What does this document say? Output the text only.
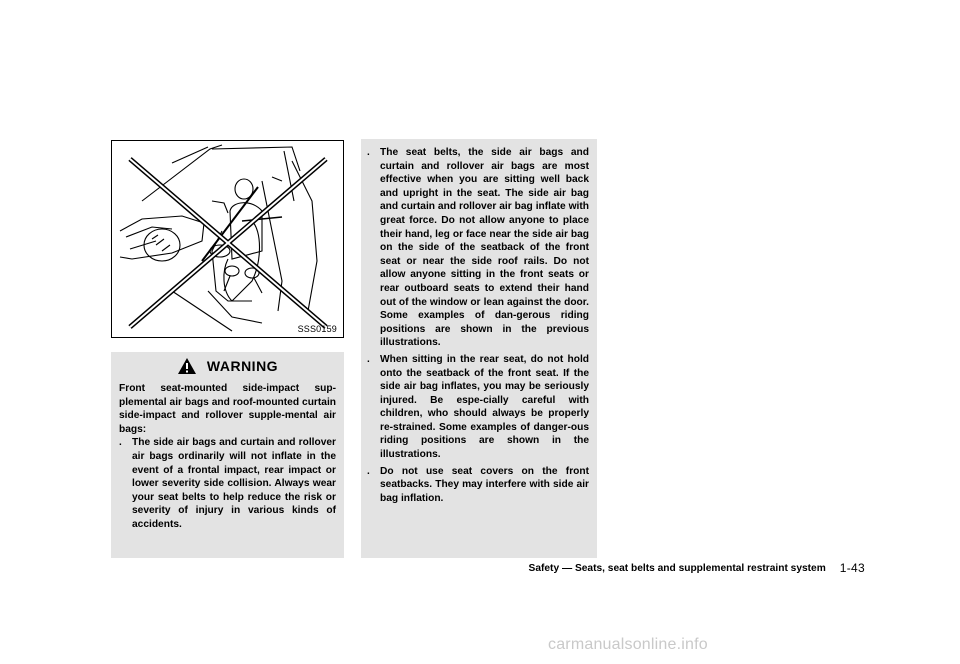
SSS0159

Front seat-mounted side-impact sup-plemental air bags and roof-mounted curtain side-impact and rollover supple-mental air bags:

.	The side air bags and curtain and rollover air bags ordinarily will not inflate in the event of a frontal impact, rear impact or lower severity side collision. Always wear your seat belts to help reduce the risk or severity of injury in various kinds of accidents.
WARNING
.	The seat belts, the side air bags and curtain and rollover air bags are most effective when you are sitting well back and upright in the seat. The side air bag and curtain and rollover air bag inflate with great force. Do not allow anyone to place their hand, leg or face near the side air bag on the side of the seatback of the front seat or near the side roof rails. Do not allow anyone sitting in the front seats or rear outboard seats to extend their hand out of the window or lean against the door. Some examples of dan-gerous riding positions are shown in the previous illustrations.
.	When sitting in the rear seat, do not hold onto the seatback of the front seat. If the side air bag inflates, you may be seriously injured. Be espe-cially careful with children, who should always be properly re-strained. Some examples of danger-ous riding positions are shown in the illustrations.
.	Do not use seat covers on the front seatbacks. They may interfere with side air bag inflation.
Safety — Seats, seat belts and supplemental restraint system 1-43
carmanualsonline.info
